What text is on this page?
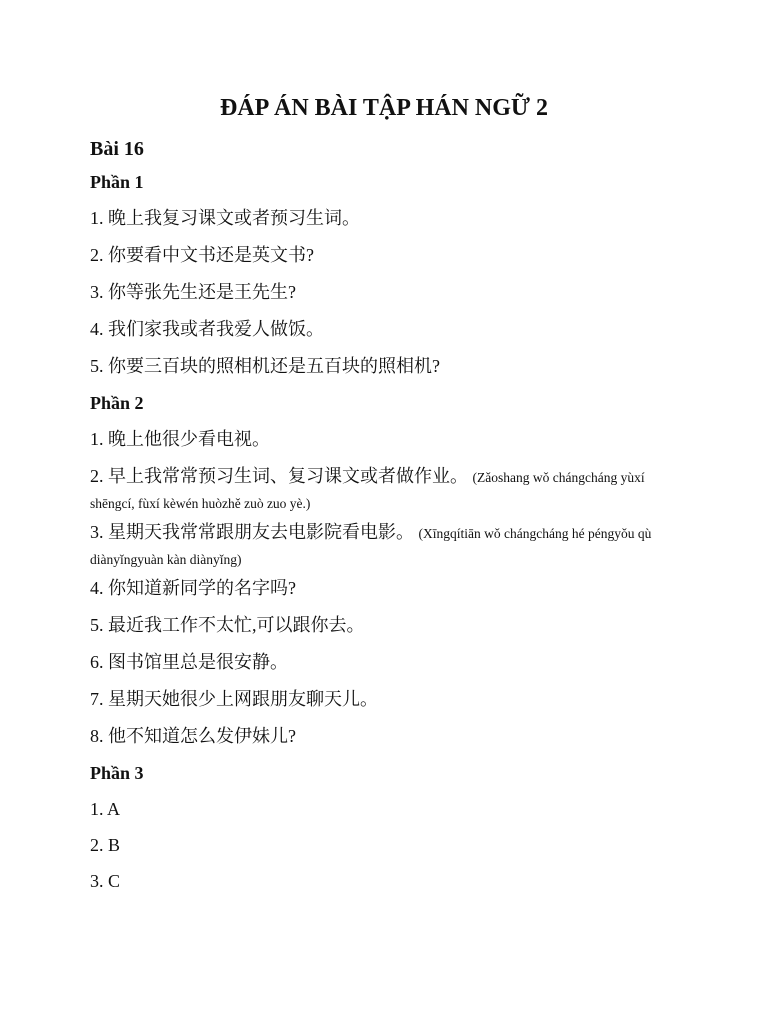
ĐÁP ÁN BÀI TẬP HÁN NGỮ 2
Bài 16
Phần 1
1. 晚上我复习课文或者预习生词。
2. 你要看中文书还是英文书?
3. 你等张先生还是王先生?
4. 我们家我或者我爱人做饭。
5. 你要三百块的照相机还是五百块的照相机?
Phần 2
1. 晚上他很少看电视。
2. 早上我常常预习生词、复习课文或者做作业。 (Zǎoshang wǒ chángcháng yùxí shēngcí, fùxí kèwén huòzhě zuò zuo yè.)
3. 星期天我常常跟朋友去电影院看电影。 (Xīngqítiān wǒ chángcháng hé péngyǒu qù diànyǐngyuàn kàn diànyǐng)
4. 你知道新同学的名字吗?
5. 最近我工作不太忙,可以跟你去。
6. 图书馆里总是很安静。
7. 星期天她很少上网跟朋友聊天儿。
8. 他不知道怎么发伊妹儿?
Phần 3
1. A
2. B
3. C
